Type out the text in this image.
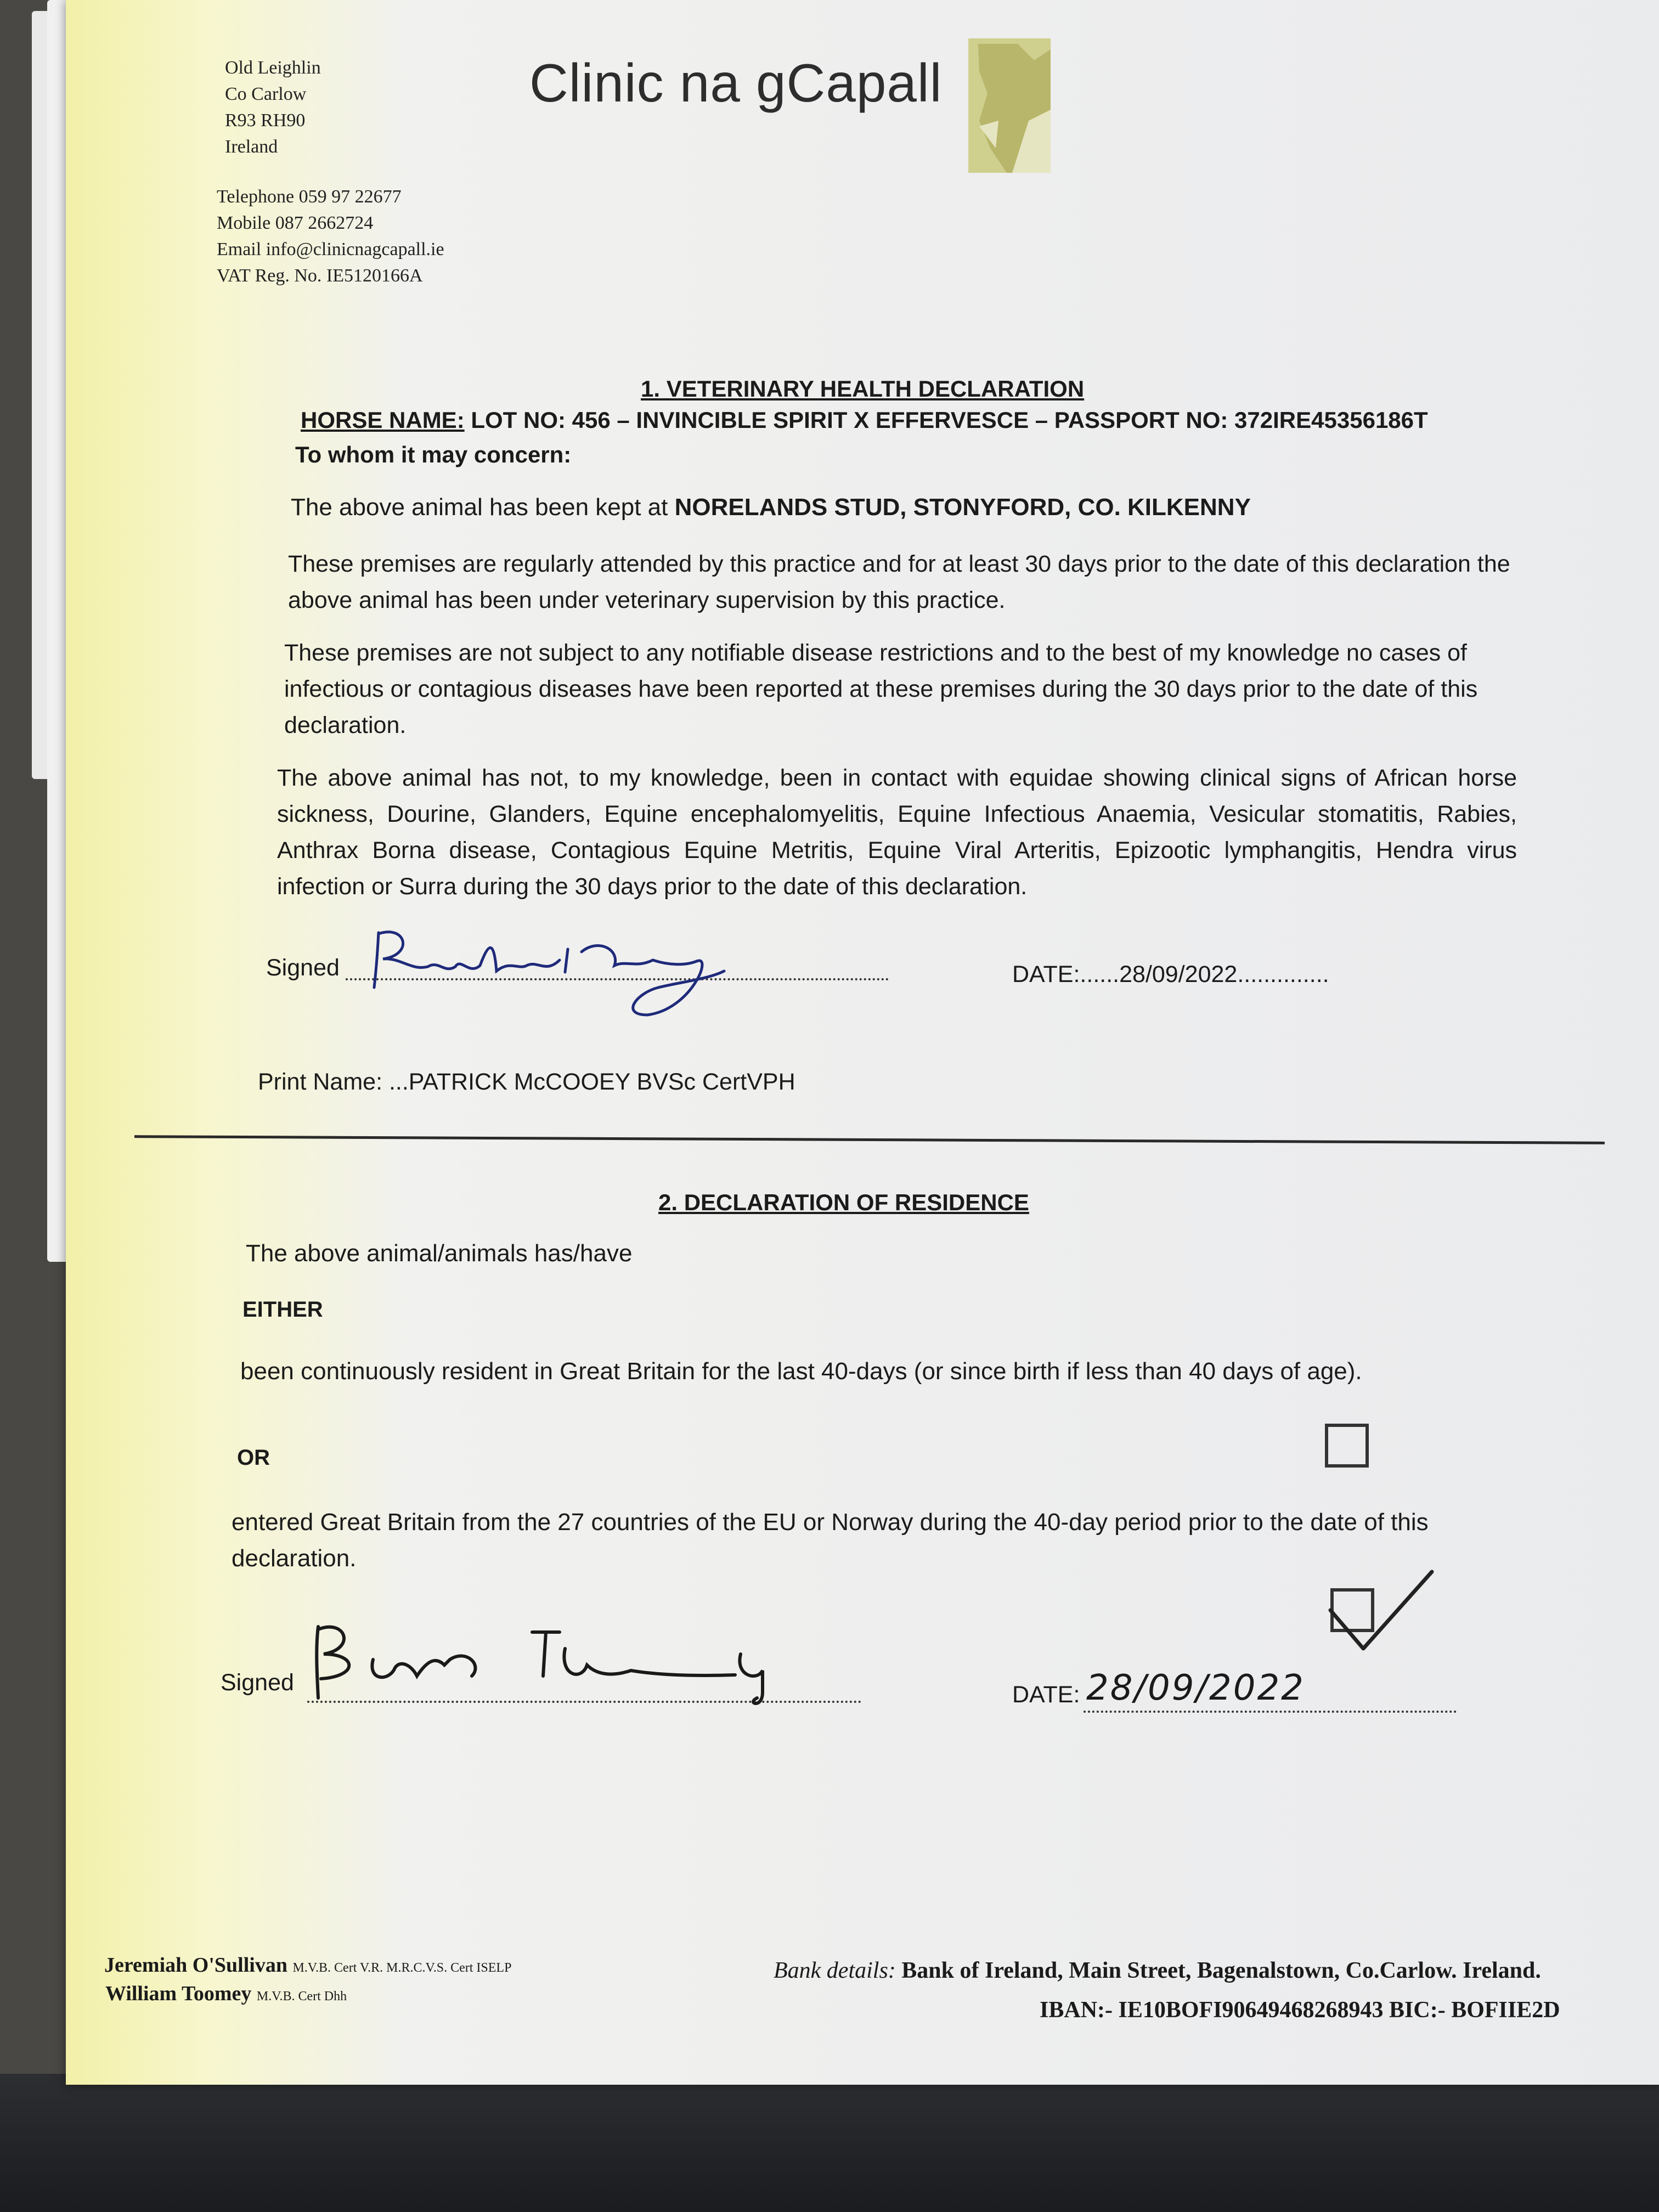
Old Leighlin
Co Carlow
R93 RH90
Ireland
Telephone 059 97 22677
Mobile 087 2662724
Email info@clinicnagcapall.ie
VAT Reg. No. IE5120166A
Clinic na gCapall
1. VETERINARY HEALTH DECLARATION
HORSE NAME: LOT NO: 456 – INVINCIBLE SPIRIT X EFFERVESCE – PASSPORT NO: 372IRE45356186T
To whom it may concern:
The above animal has been kept at NORELANDS STUD, STONYFORD, CO. KILKENNY
These premises are regularly attended by this practice and for at least 30 days prior to the date of this declaration the above animal has been under veterinary supervision by this practice.
These premises are not subject to any notifiable disease restrictions and to the best of my knowledge no cases of infectious or contagious diseases have been reported at these premises during the 30 days prior to the date of this declaration.
The above animal has not, to my knowledge, been in contact with equidae showing clinical signs of African horse sickness, Dourine, Glanders, Equine encephalomyelitis, Equine Infectious Anaemia, Vesicular stomatitis, Rabies, Anthrax Borna disease, Contagious Equine Metritis, Equine Viral Arteritis, Epizootic lymphangitis, Hendra virus infection or Surra during the 30 days prior to the date of this declaration.
Signed	DATE:......28/09/2022..............
Print Name: ...PATRICK McCOOEY BVSc CertVPH
2. DECLARATION OF RESIDENCE
The above animal/animals has/have
EITHER
been continuously resident in Great Britain for the last 40-days (or since birth if less than 40 days of age).
OR
entered Great Britain from the 27 countries of the EU or Norway during the 40-day period prior to the date of this declaration.
Signed	DATE: 28/09/2022
Jeremiah O'Sullivan M.V.B. Cert V.R. M.R.C.V.S. Cert ISELP
William Toomey M.V.B. Cert Dhh
Bank details: Bank of Ireland, Main Street, Bagenalstown, Co.Carlow. Ireland.
IBAN:- IE10BOFI90649468268943 BIC:- BOFIIE2D
